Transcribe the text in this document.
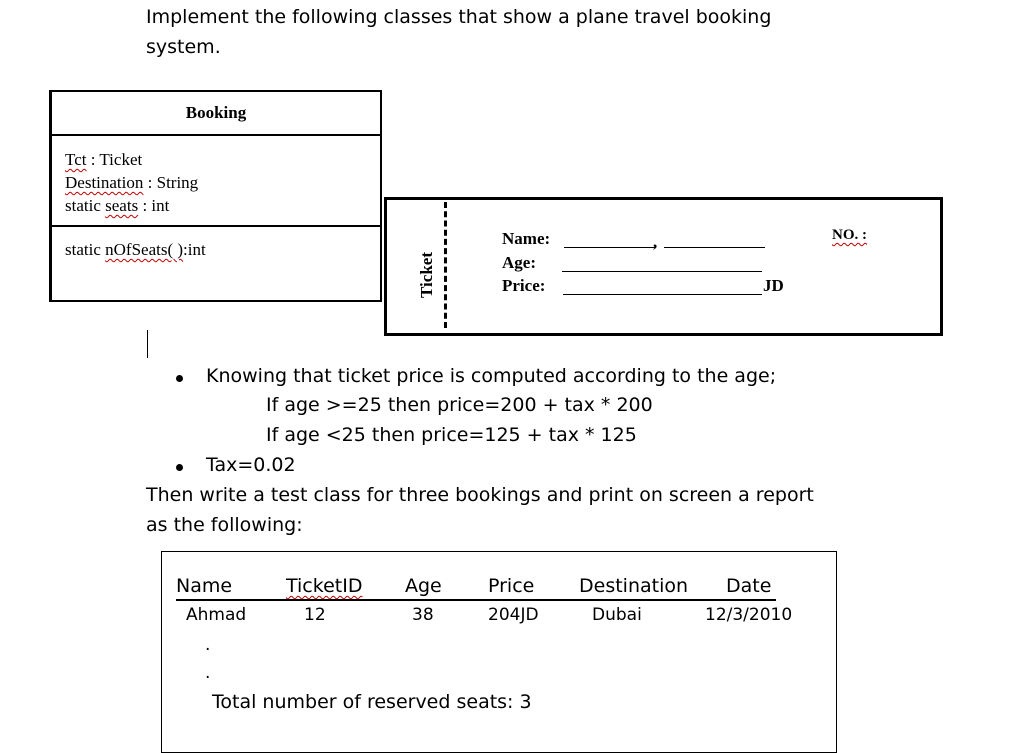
Implement the following classes that show a plane travel booking system.
Booking
Tct : Ticket
Destination : String
static seats : int
static nOfSeats( ):int
Ticket
Name:	,
Age:
Price:	JD
NO. :
Knowing that ticket price is computed according to the age;
If age >=25 then price=200 + tax * 200
If age <25 then price=125 + tax * 125
Tax=0.02
Then write a test class for three bookings and print on screen a report
as the following:
Name	TicketID Age Price Destination Date
Ahmad	12	38	204JD	Dubai	12/3/2010
.
.
Total number of reserved seats: 3
